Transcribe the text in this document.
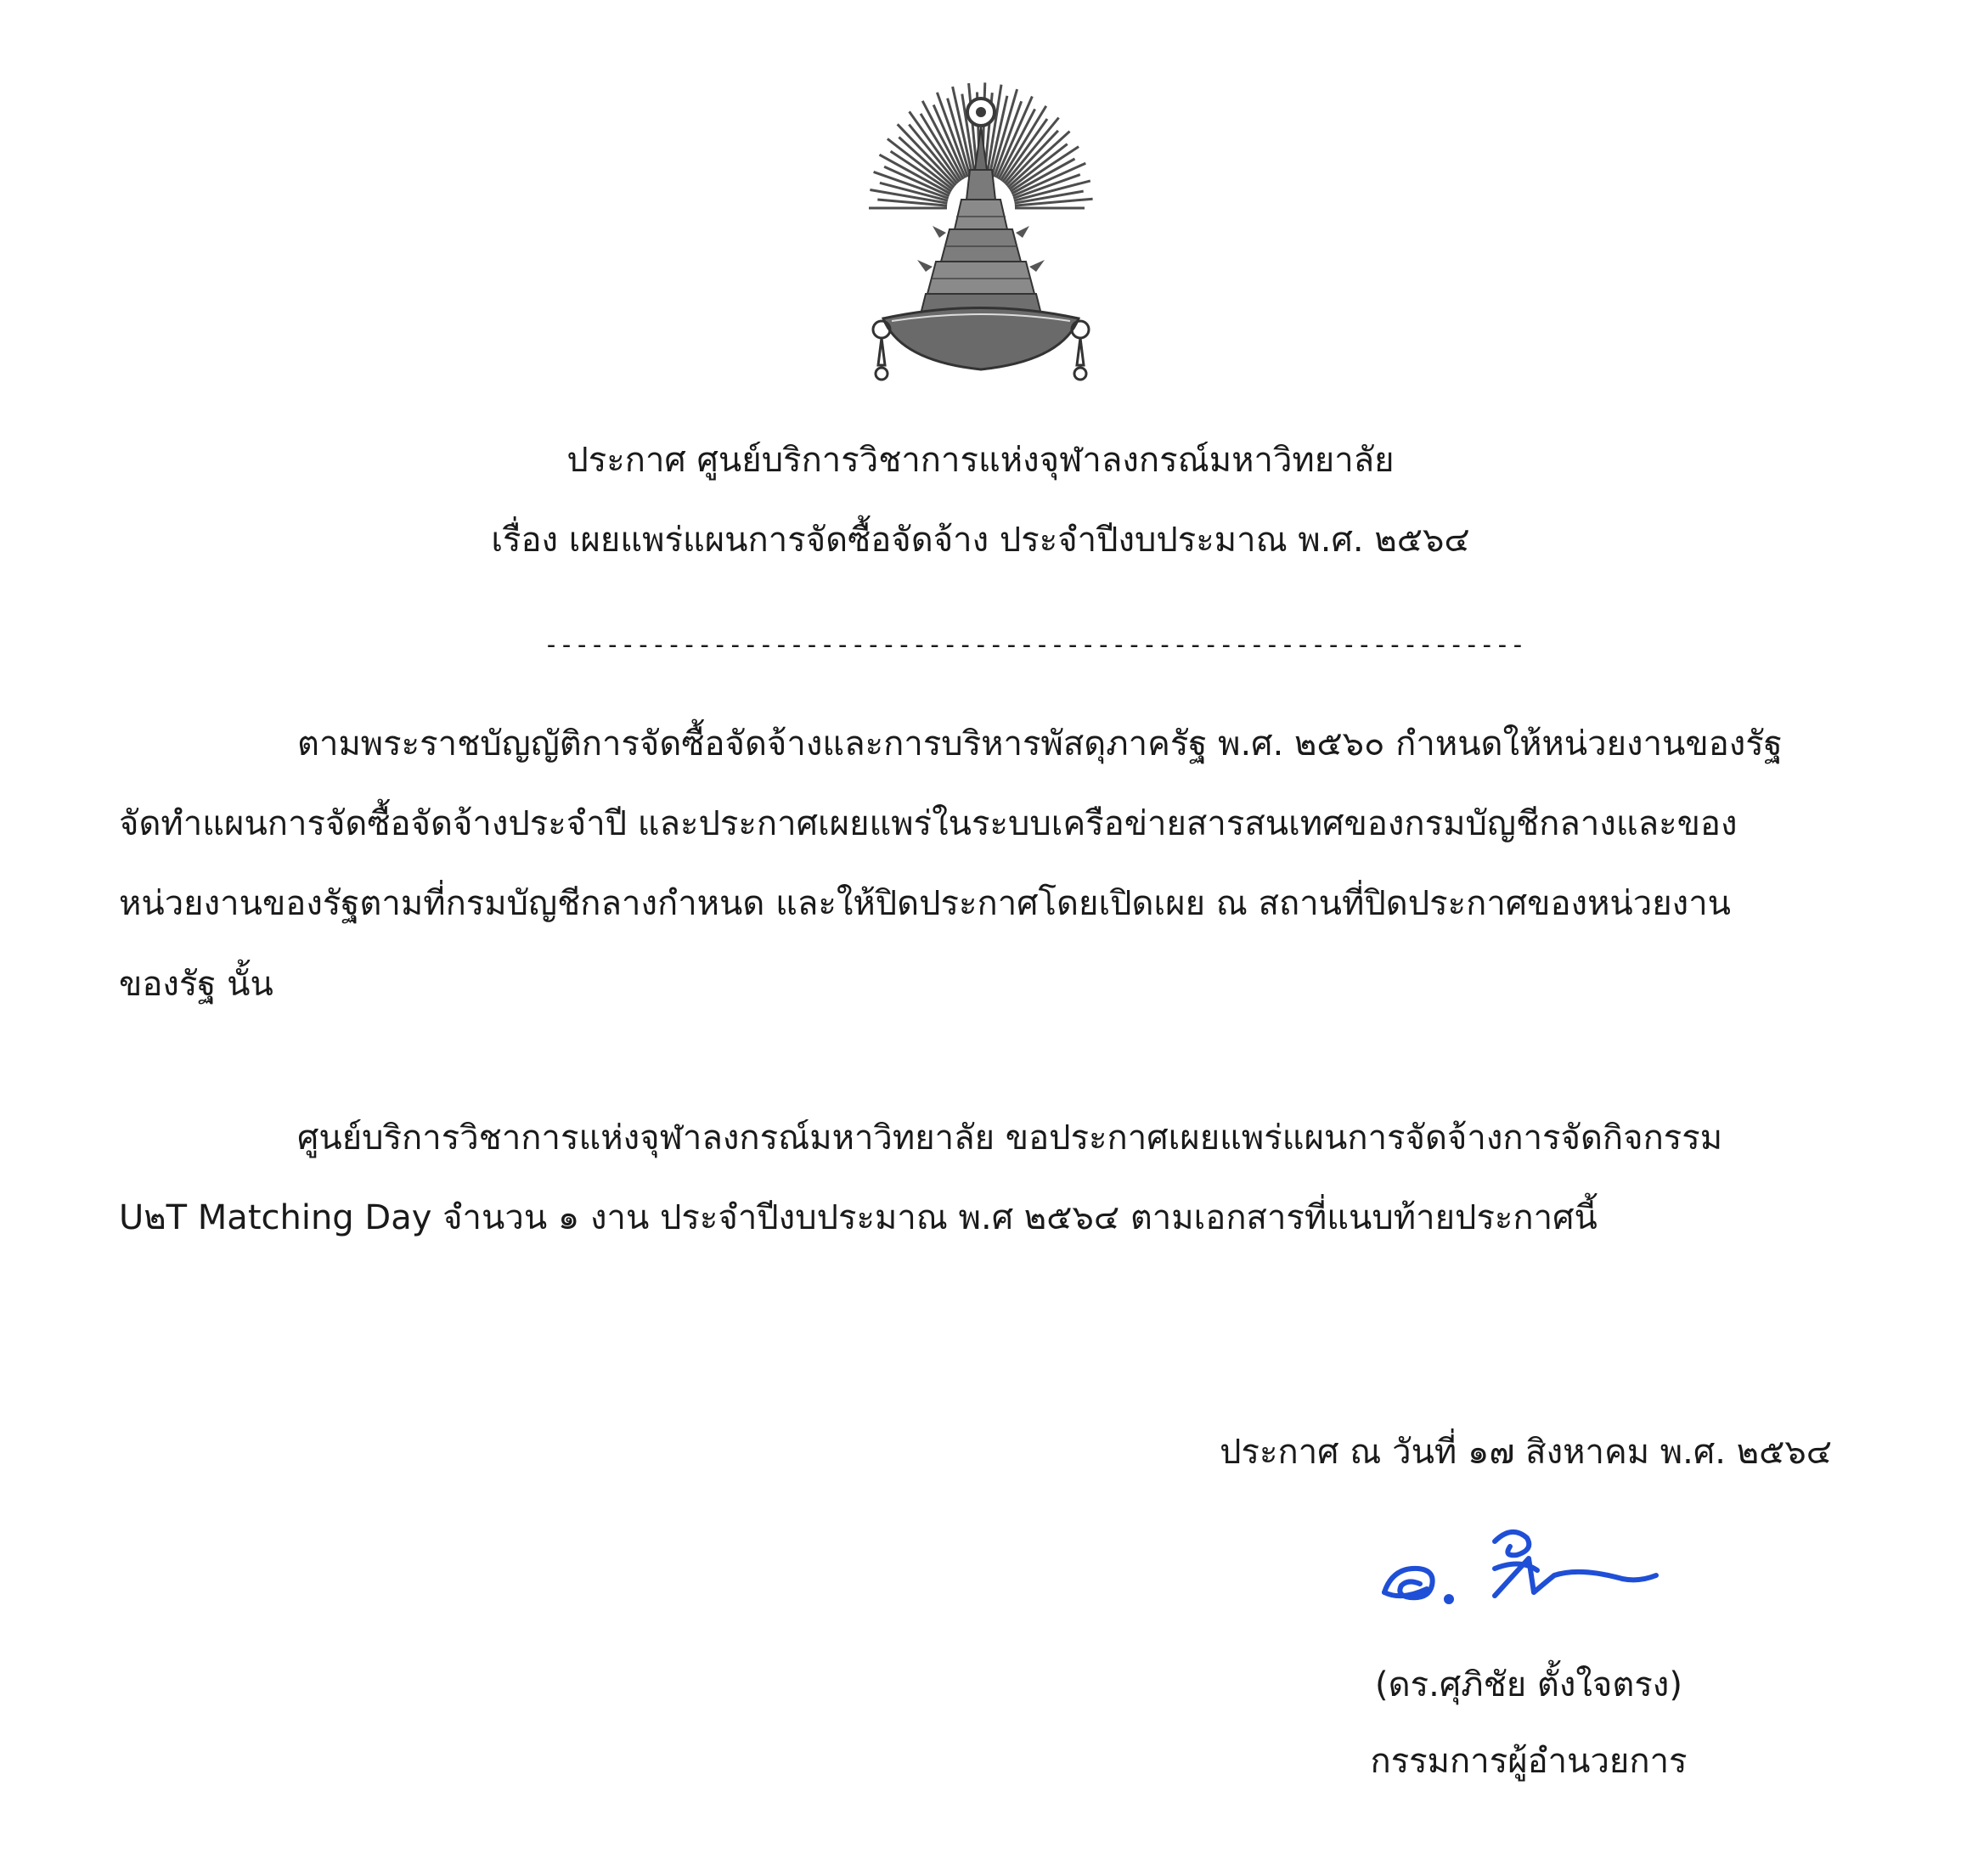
ประกาศ ศูนย์บริการวิชาการแห่งจุฬาลงกรณ์มหาวิทยาลัย
เรื่อง เผยแพร่แผนการจัดซื้อจัดจ้าง ประจำปีงบประมาณ พ.ศ. ๒๕๖๔
----------------------------------------------------------------
ตามพระราชบัญญัติการจัดซื้อจัดจ้างและการบริหารพัสดุภาครัฐ พ.ศ. ๒๕๖๐ กำหนดให้หน่วยงานของรัฐ
จัดทำแผนการจัดซื้อจัดจ้างประจำปี และประกาศเผยแพร่ในระบบเครือข่ายสารสนเทศของกรมบัญชีกลางและของ
หน่วยงานของรัฐตามที่กรมบัญชีกลางกำหนด และให้ปิดประกาศโดยเปิดเผย ณ สถานที่ปิดประกาศของหน่วยงาน
ของรัฐ นั้น
ศูนย์บริการวิชาการแห่งจุฬาลงกรณ์มหาวิทยาลัย ขอประกาศเผยแพร่แผนการจัดจ้างการจัดกิจกรรม
U๒T Matching Day จำนวน ๑ งาน ประจำปีงบประมาณ พ.ศ ๒๕๖๔ ตามเอกสารที่แนบท้ายประกาศนี้
ประกาศ ณ วันที่ ๑๗ สิงหาคม พ.ศ. ๒๕๖๔
(ดร.ศุภิชัย ตั้งใจตรง)
กรรมการผู้อำนวยการ
